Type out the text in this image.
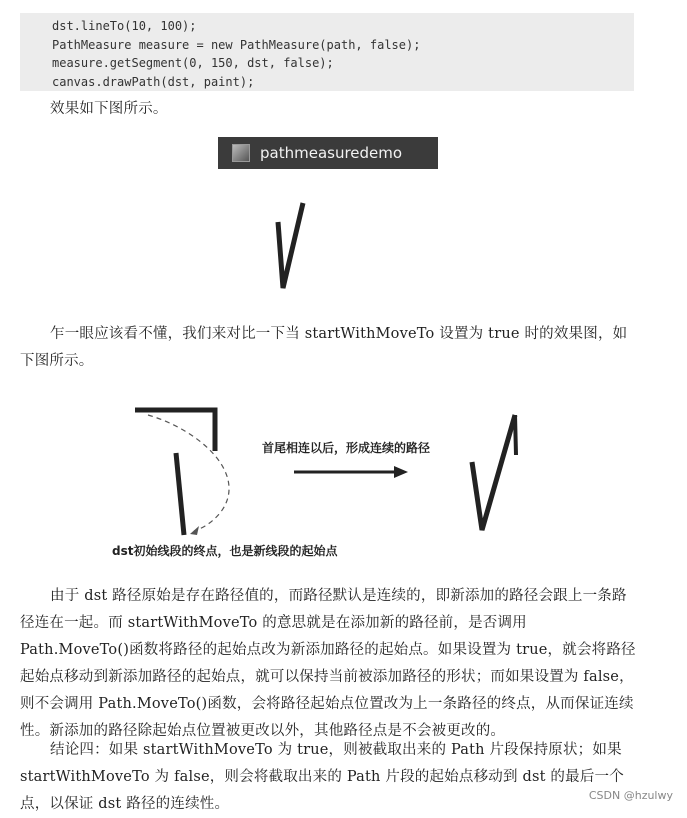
dst.lineTo(10, 100);
PathMeasure measure = new PathMeasure(path, false);
measure.getSegment(0, 150, dst, false);
canvas.drawPath(dst, paint);
效果如下图所示。
pathmeasuredemo
乍一眼应该看不懂，我们来对比一下当 startWithMoveTo 设置为 true 时的效果图，如下图所示。
首尾相连以后，形成连续的路径
dst初始线段的终点，也是新线段的起始点
由于 dst 路径原始是存在路径值的，而路径默认是连续的，即新添加的路径会跟上一条路径连在一起。而 startWithMoveTo 的意思就是在添加新的路径前，是否调用 Path.MoveTo()函数将路径的起始点改为新添加路径的起始点。如果设置为 true，就会将路径起始点移动到新添加路径的起始点，就可以保持当前被添加路径的形状；而如果设置为 false，则不会调用 Path.MoveTo()函数，会将路径起始点位置改为上一条路径的终点，从而保证连续性。新添加的路径除起始点位置被更改以外，其他路径点是不会被更改的。
结论四：如果 startWithMoveTo 为 true，则被截取出来的 Path 片段保持原状；如果 startWithMoveTo 为 false，则会将截取出来的 Path 片段的起始点移动到 dst 的最后一个点，以保证 dst 路径的连续性。
CSDN @hzulwy
